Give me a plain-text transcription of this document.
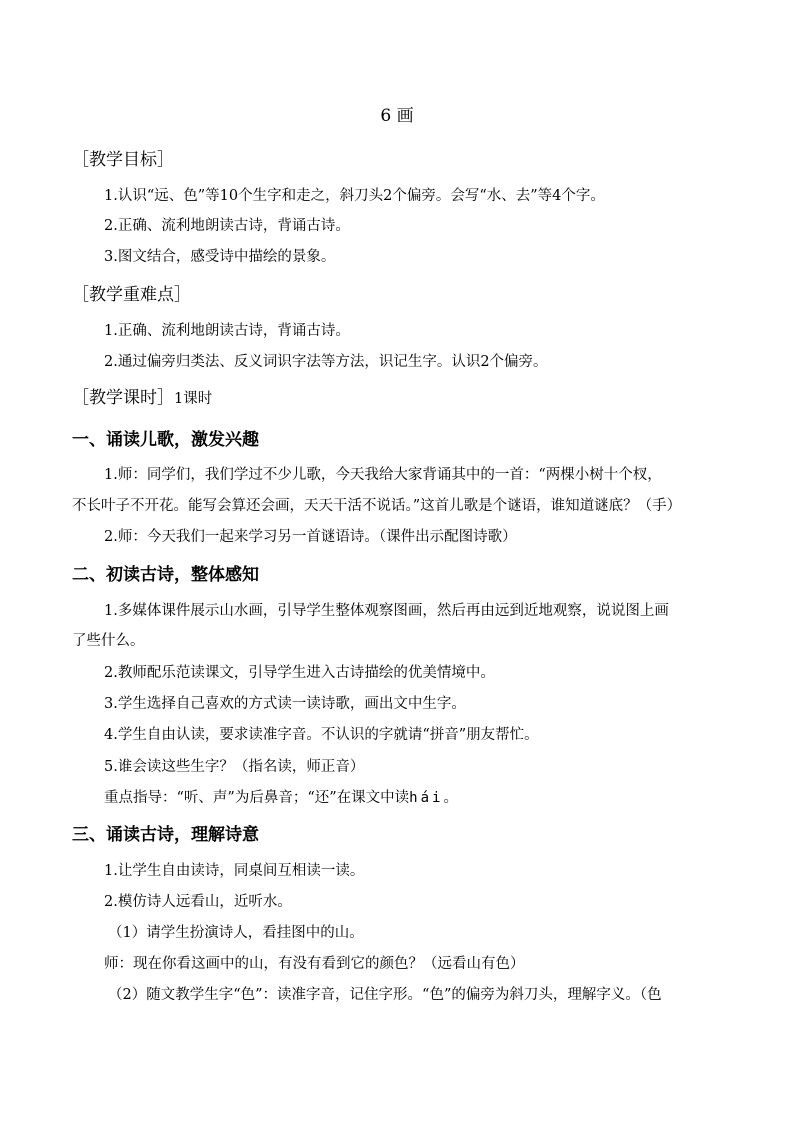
6 画
［教学目标］
1.认识“远、色”等10个生字和走之，斜刀头2个偏旁。会写“水、去”等4个字。
2.正确、流利地朗读古诗，背诵古诗。
3.图文结合，感受诗中描绘的景象。
［教学重难点］
1.正确、流利地朗读古诗，背诵古诗。
2.通过偏旁归类法、反义词识字法等方法，识记生字。认识2个偏旁。
［教学课时］1课时
一、诵读儿歌，激发兴趣
1.师：同学们，我们学过不少儿歌，今天我给大家背诵其中的一首：“两棵小树十个杈，
不长叶子不开花。能写会算还会画，天天干活不说话。”这首儿歌是个谜语，谁知道谜底？（手）
2.师：今天我们一起来学习另一首谜语诗。（课件出示配图诗歌）
二、初读古诗，整体感知
1.多媒体课件展示山水画，引导学生整体观察图画，然后再由远到近地观察，说说图上画
了些什么。
2.教师配乐范读课文，引导学生进入古诗描绘的优美情境中。
3.学生选择自己喜欢的方式读一读诗歌，画出文中生字。
4.学生自由认读，要求读准字音。不认识的字就请“拼音”朋友帮忙。
5.谁会读这些生字？（指名读，师正音）
重点指导：“听、声”为后鼻音；“还”在课文中读hái。
三、诵读古诗，理解诗意
1.让学生自由读诗，同桌间互相读一读。
2.模仿诗人远看山，近听水。
（1）请学生扮演诗人，看挂图中的山。
师：现在你看这画中的山，有没有看到它的颜色？（远看山有色）
（2）随文教学生字“色”：读准字音，记住字形。“色”的偏旁为斜刀头，理解字义。（色
